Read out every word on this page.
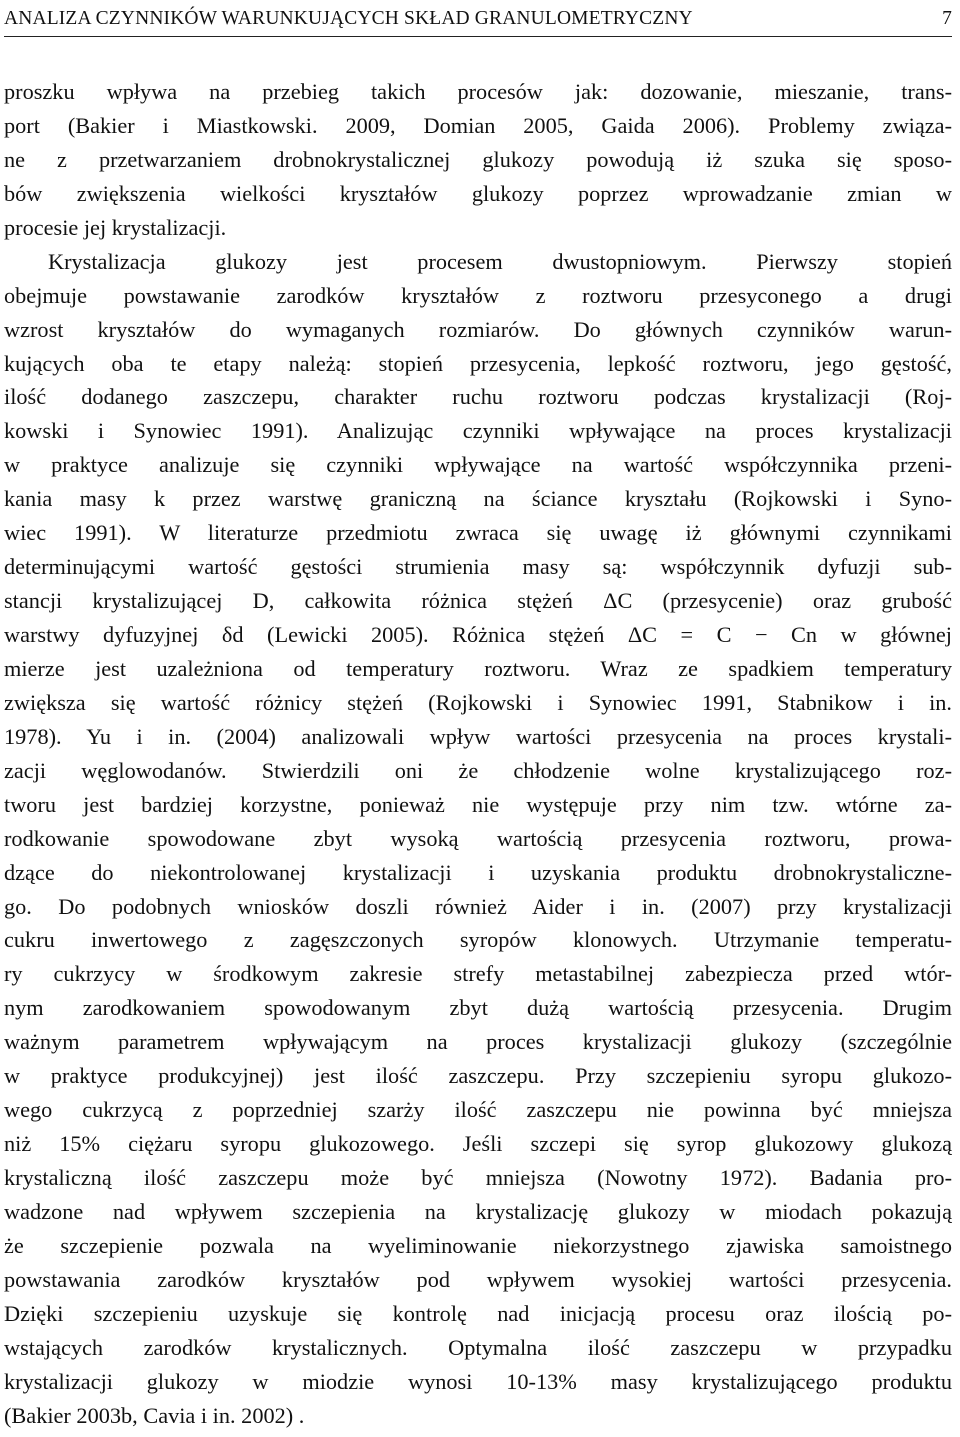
ANALIZA CZYNNIKÓW WARUNKUJĄCYCH SKŁAD GRANULOMETRYCZNY	7
proszku wpływa na przebieg takich procesów jak: dozowanie, mieszanie, trans-
port (Bakier i Miastkowski. 2009, Domian 2005, Gaida 2006). Problemy związa-
ne z przetwarzaniem drobnokrystalicznej glukozy powodują iż szuka się sposo-
bów zwiększenia wielkości kryształów glukozy poprzez wprowadzanie zmian w
procesie jej krystalizacji.
Krystalizacja glukozy jest procesem dwustopniowym. Pierwszy stopień
obejmuje powstawanie zarodków kryształów z roztworu przesyconego a drugi
wzrost kryształów do wymaganych rozmiarów. Do głównych czynników warun-
kujących oba te etapy należą: stopień przesycenia, lepkość roztworu, jego gęstość,
ilość dodanego zaszczepu, charakter ruchu roztworu podczas krystalizacji (Roj-
kowski i Synowiec 1991). Analizując czynniki wpływające na proces krystalizacji
w praktyce analizuje się czynniki wpływające na wartość współczynnika przeni-
kania masy k przez warstwę graniczną na ściance kryształu (Rojkowski i Syno-
wiec 1991). W literaturze przedmiotu zwraca się uwagę iż głównymi czynnikami
determinującymi wartość gęstości strumienia masy są: współczynnik dyfuzji sub-
stancji krystalizującej D, całkowita różnica stężeń ΔC (przesycenie) oraz grubość
warstwy dyfuzyjnej δd (Lewicki 2005). Różnica stężeń ΔC = C − Cn w głównej
mierze jest uzależniona od temperatury roztworu. Wraz ze spadkiem temperatury
zwiększa się wartość różnicy stężeń (Rojkowski i Synowiec 1991, Stabnikow i in.
1978). Yu i in. (2004) analizowali wpływ wartości przesycenia na proces krystali-
zacji węglowodanów. Stwierdzili oni że chłodzenie wolne krystalizującego roz-
tworu jest bardziej korzystne, ponieważ nie występuje przy nim tzw. wtórne za-
rodkowanie spowodowane zbyt wysoką wartością przesycenia roztworu, prowa-
dzące do niekontrolowanej krystalizacji i uzyskania produktu drobnokrystaliczne-
go. Do podobnych wniosków doszli również Aider i in. (2007) przy krystalizacji
cukru inwertowego z zagęszczonych syropów klonowych. Utrzymanie temperatu-
ry cukrzycy w środkowym zakresie strefy metastabilnej zabezpiecza przed wtór-
nym zarodkowaniem spowodowanym zbyt dużą wartością przesycenia. Drugim
ważnym parametrem wpływającym na proces krystalizacji glukozy (szczególnie
w praktyce produkcyjnej) jest ilość zaszczepu. Przy szczepieniu syropu glukozo-
wego cukrzycą z poprzedniej szarży ilość zaszczepu nie powinna być mniejsza
niż 15% ciężaru syropu glukozowego. Jeśli szczepi się syrop glukozowy glukozą
krystaliczną ilość zaszczepu może być mniejsza (Nowotny 1972). Badania pro-
wadzone nad wpływem szczepienia na krystalizację glukozy w miodach pokazują
że szczepienie pozwala na wyeliminowanie niekorzystnego zjawiska samoistnego
powstawania zarodków kryształów pod wpływem wysokiej wartości przesycenia.
Dzięki szczepieniu uzyskuje się kontrolę nad inicjacją procesu oraz ilością po-
wstających zarodków krystalicznych. Optymalna ilość zaszczepu w przypadku
krystalizacji glukozy w miodzie wynosi 10-13% masy krystalizującego produktu
(Bakier 2003b, Cavia i in. 2002) .
